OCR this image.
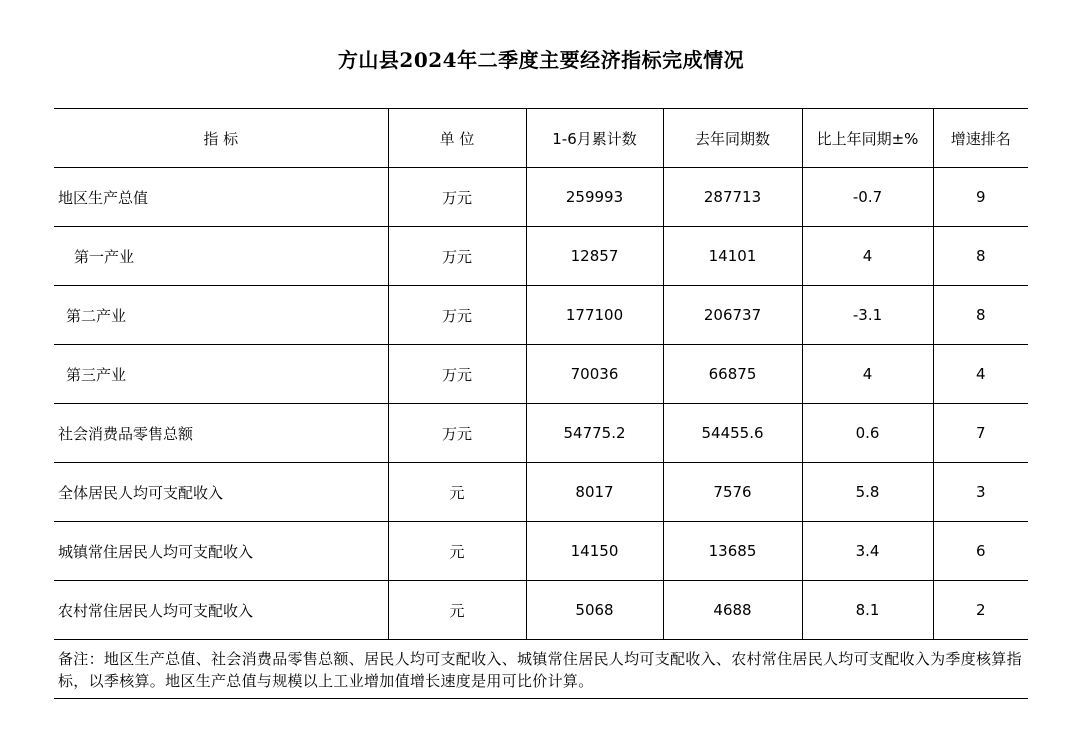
方山县2024年二季度主要经济指标完成情况
指 标	单 位	1-6月累计数	去年同期数	比上年同期±%	增速排名
地区生产总值	万元	259993	287713	-0.7	9
第一产业	万元	12857	14101	4	8
第二产业	万元	177100	206737	-3.1	8
第三产业	万元	70036	66875	4	4
社会消费品零售总额	万元	54775.2	54455.6	0.6	7
全体居民人均可支配收入	元	8017	7576	5.8	3
城镇常住居民人均可支配收入	元	14150	13685	3.4	6
农村常住居民人均可支配收入	元	5068	4688	8.1	2
备注：地区生产总值、社会消费品零售总额、居民人均可支配收入、城镇常住居民人均可支配收入、农村常住居民人均可支配收入为季度核算指标，以季核算。地区生产总值与规模以上工业增加值增长速度是用可比价计算。
